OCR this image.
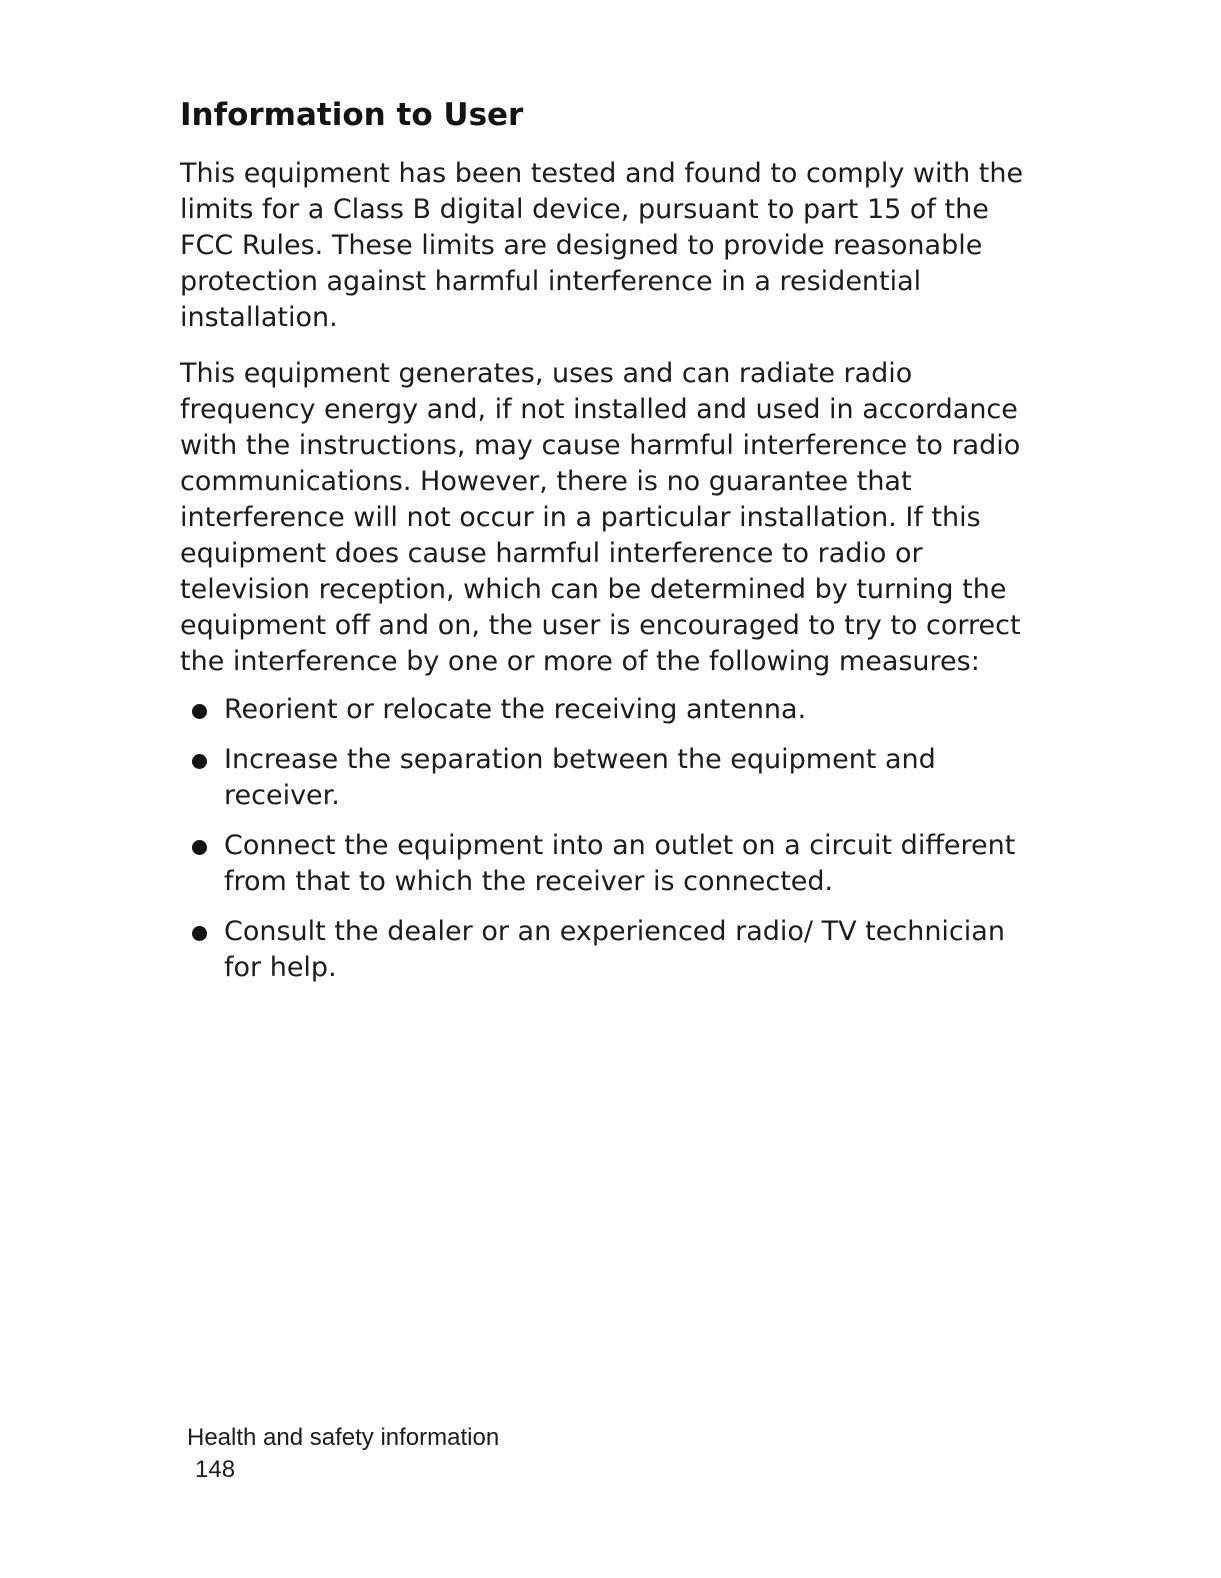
Information to User

This equipment has been tested and found to comply with the limits for a Class B digital device, pursuant to part 15 of the FCC Rules. These limits are designed to provide reasonable protection against harmful interference in a residential installation.

This equipment generates, uses and can radiate radio frequency energy and, if not installed and used in accordance with the instructions, may cause harmful interference to radio communications. However, there is no guarantee that interference will not occur in a particular installation. If this equipment does cause harmful interference to radio or television reception, which can be determined by turning the equipment off and on, the user is encouraged to try to correct the interference by one or more of the following measures:

Reorient or relocate the receiving antenna.
Increase the separation between the equipment and receiver.
Connect the equipment into an outlet on a circuit different from that to which the receiver is connected.
Consult the dealer or an experienced radio/ TV technician for help.

Health and safety information

148
